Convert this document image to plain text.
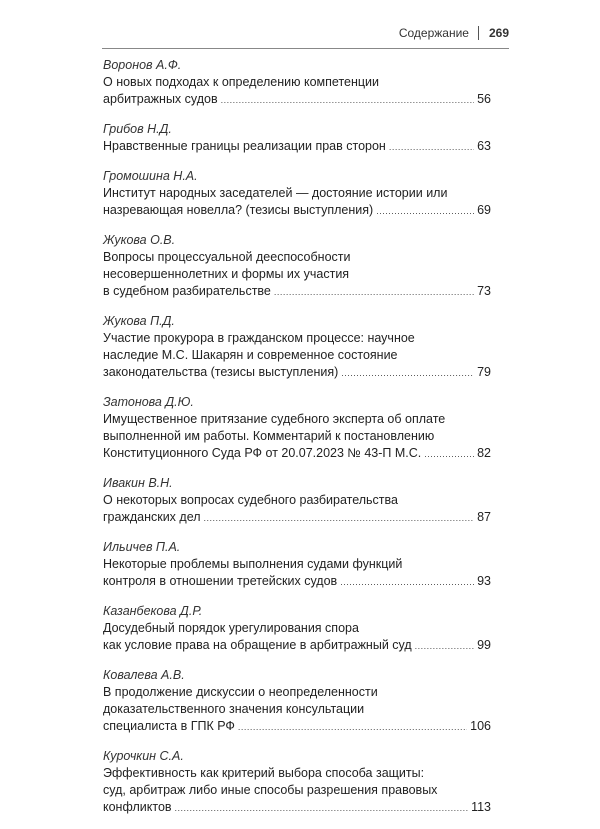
Содержание 269
Воронов А.Ф.
О новых подходах к определению компетенции
арбитражных судов .....	56
Грибов Н.Д.
Нравственные границы реализации прав сторон .....	63
Громошина Н.А.
Институт народных заседателей — достояние истории или
назревающая новелла? (тезисы выступления) .....	69
Жукова О.В.
Вопросы процессуальной дееспособности
несовершеннолетних и формы их участия
в судебном разбирательстве .....	73
Жукова П.Д.
Участие прокурора в гражданском процессе: научное
наследие М.С. Шакарян и современное состояние
законодательства (тезисы выступления) .....	79
Затонова Д.Ю.
Имущественное притязание судебного эксперта об оплате
выполненной им работы. Комментарий к постановлению
Конституционного Суда РФ от 20.07.2023 № 43-П М.С. .....	82
Ивакин В.Н.
О некоторых вопросах судебного разбирательства
гражданских дел .....	87
Ильичев П.А.
Некоторые проблемы выполнения судами функций
контроля в отношении третейских судов .....	93
Казанбекова Д.Р.
Досудебный порядок урегулирования спора
как условие права на обращение в арбитражный суд .....	99
Ковалева А.В.
В продолжение дискуссии о неопределенности
доказательственного значения консультации
специалиста в ГПК РФ .....	106
Курочкин С.А.
Эффективность как критерий выбора способа защиты:
суд, арбитраж либо иные способы разрешения правовых
конфликтов .....	113
